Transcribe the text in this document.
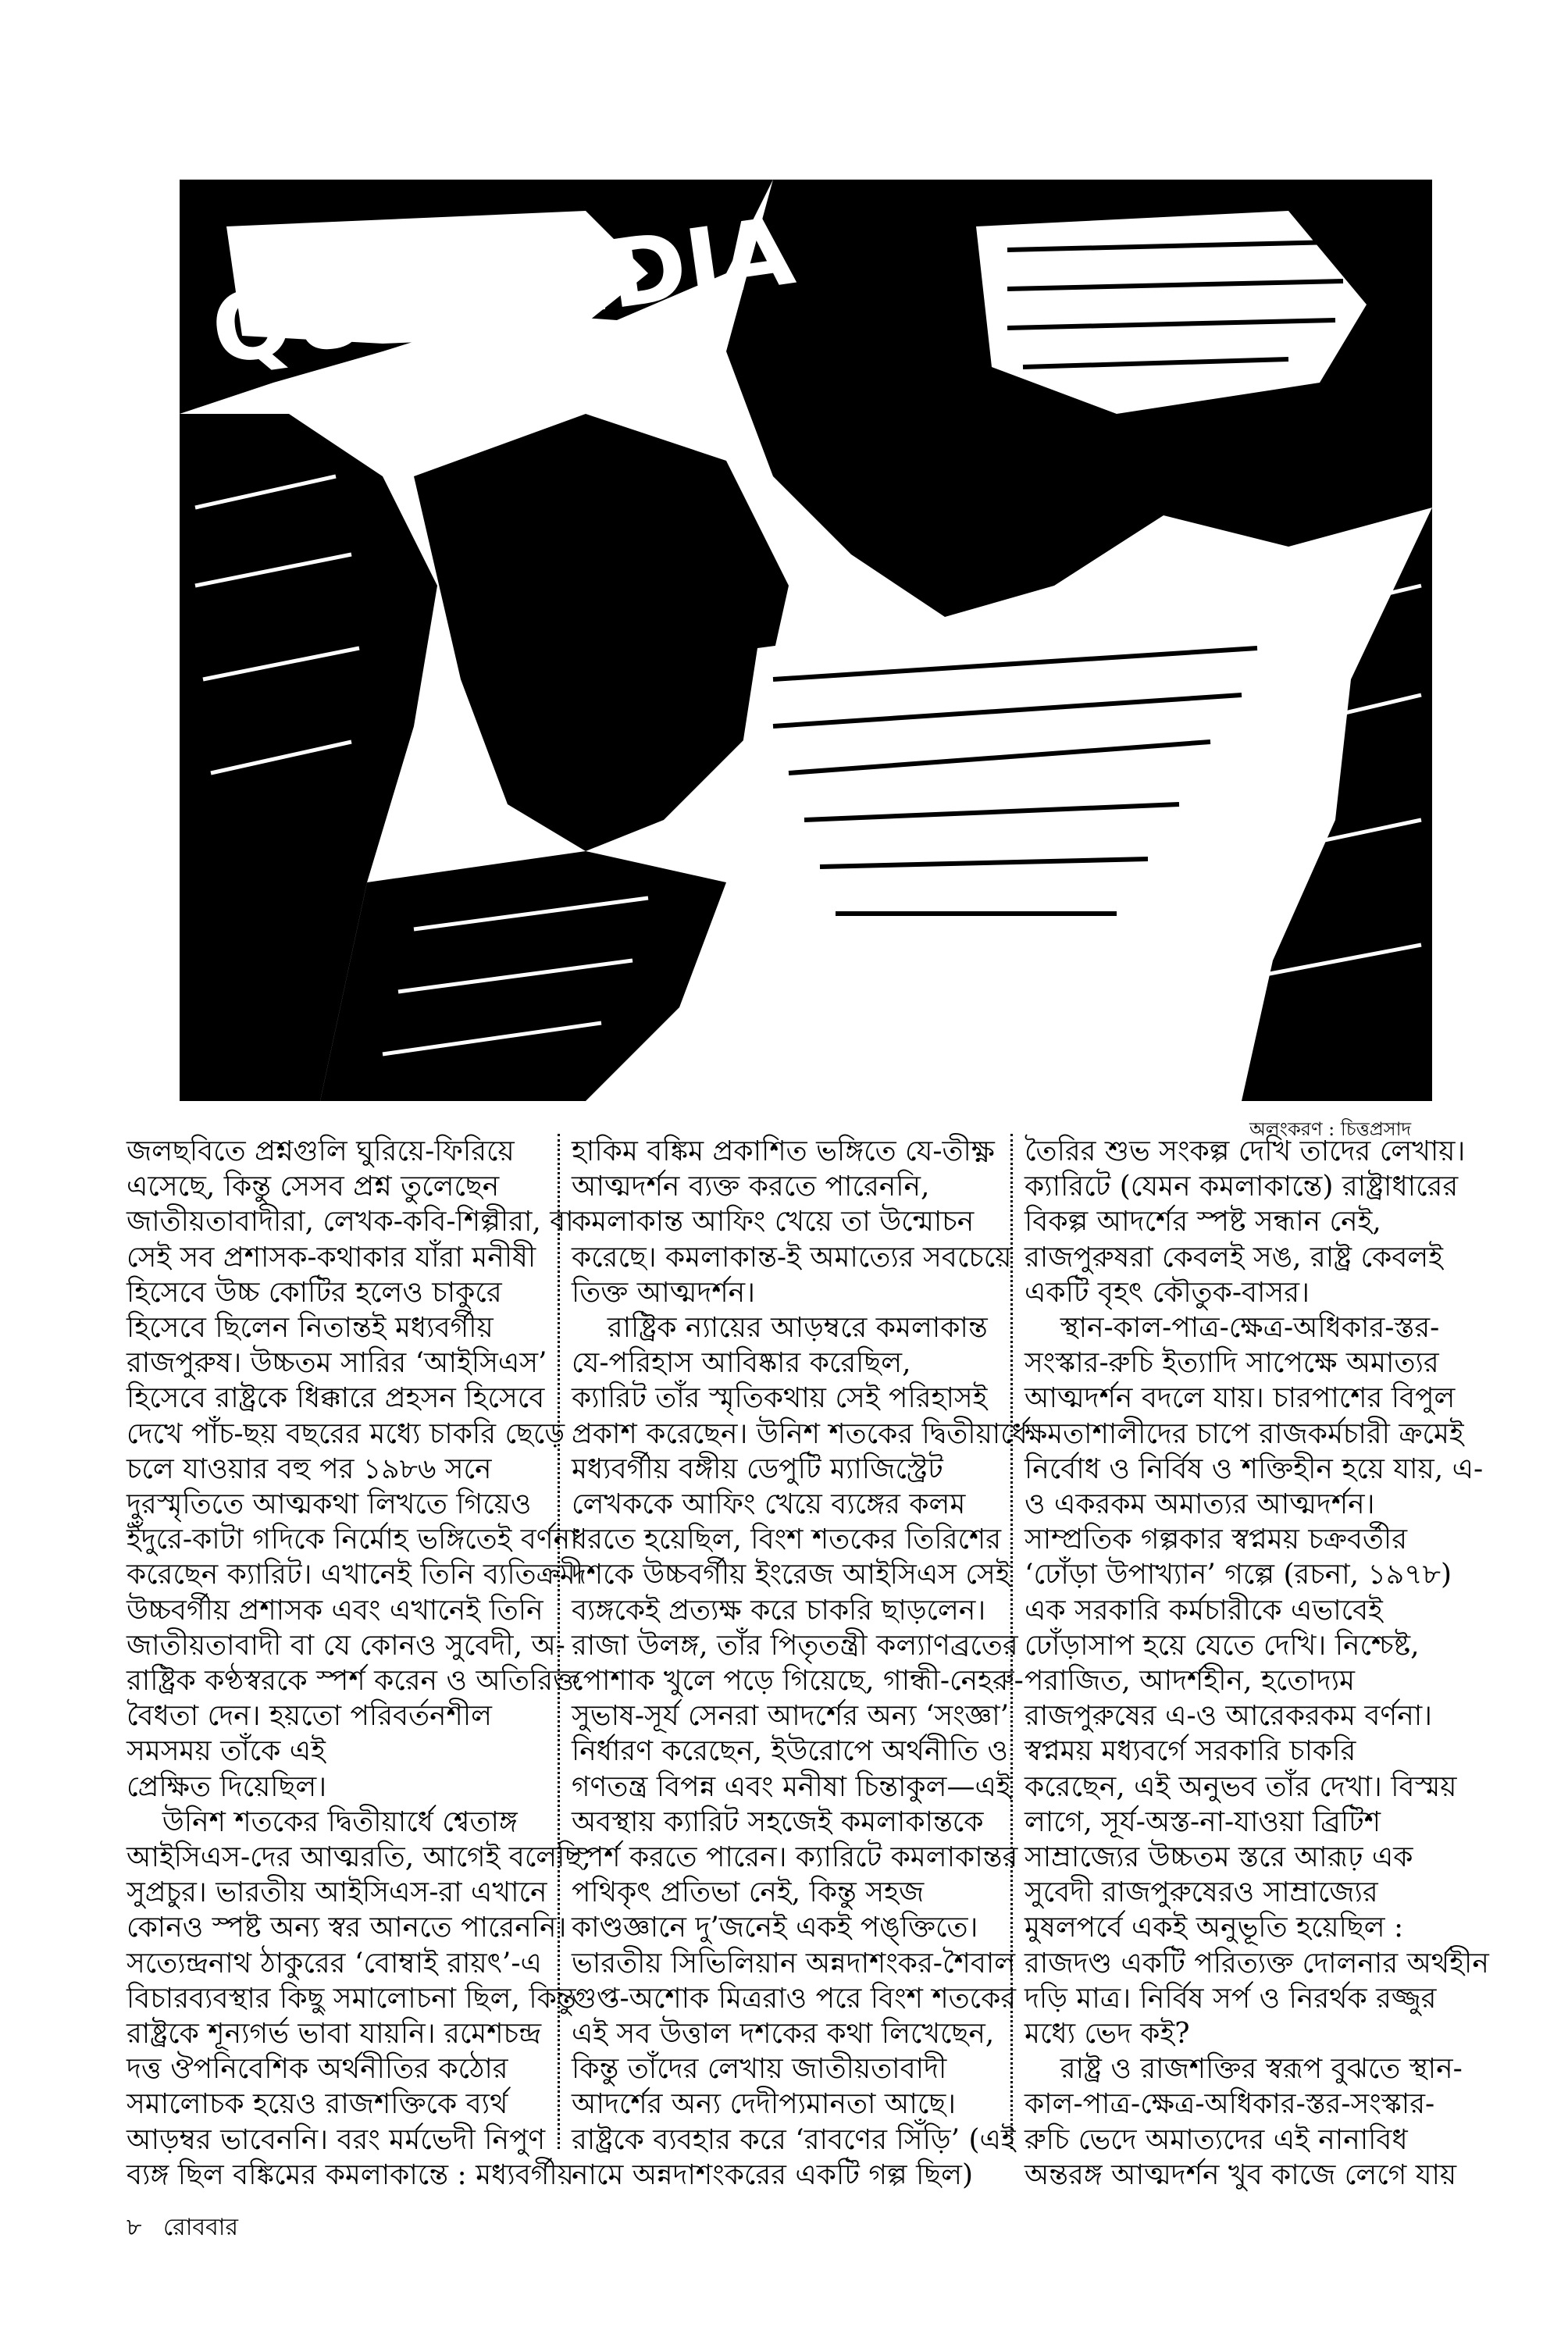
QUIT INDIA
অলংকরণ : চিত্তপ্রসাদ
জলছবিতে প্রশ্নগুলি ঘুরিয়ে-ফিরিয়ে
এসেছে, কিন্তু সেসব প্রশ্ন তুলেছেন
জাতীয়তাবাদীরা, লেখক-কবি-শিল্পীরা, বা
সেই সব প্রশাসক-কথাকার যাঁরা মনীষী
হিসেবে উচ্চ কোটির হলেও চাকুরে
হিসেবে ছিলেন নিতান্তই মধ্যবর্গীয়
রাজপুরুষ। উচ্চতম সারির ‘আইসিএস’
হিসেবে রাষ্ট্রকে ধিক্কারে প্রহসন হিসেবে
দেখে পাঁচ-ছয় বছরের মধ্যে চাকরি ছেড়ে
চলে যাওয়ার বহু পর ১৯৮৬ সনে
দুরস্মৃতিতে আত্মকথা লিখতে গিয়েও
ইঁদুরে-কাটা গদিকে নির্মোহ ভঙ্গিতেই বর্ণনা
করেছেন ক্যারিট। এখানেই তিনি ব্যতিক্রমী
উচ্চবর্গীয় প্রশাসক এবং এখানেই তিনি
জাতীয়তাবাদী বা যে কোনও সুবেদী, অ-
রাষ্ট্রিক কণ্ঠস্বরকে স্পর্শ করেন ও অতিরিক্ত
বৈধতা দেন। হয়তো পরিবর্তনশীল
সমসময় তাঁকে এই
প্রেক্ষিত দিয়েছিল।
উনিশ শতকের দ্বিতীয়ার্ধে শ্বেতাঙ্গ
আইসিএস-দের আত্মরতি, আগেই বলেছি,
সুপ্রচুর। ভারতীয় আইসিএস-রা এখানে
কোনও স্পষ্ট অন্য স্বর আনতে পারেননি।
সত্যেন্দ্রনাথ ঠাকুরের ‘বোম্বাই রায়ৎ’-এ
বিচারব্যবস্থার কিছু সমালোচনা ছিল, কিন্তু
রাষ্ট্রকে শূন্যগর্ভ ভাবা যায়নি। রমেশচন্দ্র
দত্ত ঔপনিবেশিক অর্থনীতির কঠোর
সমালোচক হয়েও রাজশক্তিকে ব্যর্থ
আড়ম্বর ভাবেননি। বরং মর্মভেদী নিপুণ
ব্যঙ্গ ছিল বঙ্কিমের কমলাকান্তে : মধ্যবর্গীয়
হাকিম বঙ্কিম প্রকাশিত ভঙ্গিতে যে-তীক্ষ্ণ
আত্মদর্শন ব্যক্ত করতে পারেননি,
কমলাকান্ত আফিং খেয়ে তা উন্মোচন
করেছে। কমলাকান্ত-ই অমাত্যের সবচেয়ে
তিক্ত আত্মদর্শন।
রাষ্ট্রিক ন্যায়ের আড়ম্বরে কমলাকান্ত
যে-পরিহাস আবিষ্কার করেছিল,
ক্যারিট তাঁর স্মৃতিকথায় সেই পরিহাসই
প্রকাশ করেছেন। উনিশ শতকের দ্বিতীয়ার্ধে
মধ্যবর্গীয় বঙ্গীয় ডেপুটি ম্যাজিস্ট্রেট
লেখককে আফিং খেয়ে ব্যঙ্গের কলম
ধরতে হয়েছিল, বিংশ শতকের তিরিশের
দশকে উচ্চবর্গীয় ইংরেজ আইসিএস সেই
ব্যঙ্গকেই প্রত্যক্ষ করে চাকরি ছাড়লেন।
রাজা উলঙ্গ, তাঁর পিতৃতন্ত্রী কল্যাণব্রতের
পোশাক খুলে পড়ে গিয়েছে, গান্ধী-নেহরু-
সুভাষ-সূর্য সেনরা আদর্শের অন্য ‘সংজ্ঞা’
নির্ধারণ করেছেন, ইউরোপে অর্থনীতি ও
গণতন্ত্র বিপন্ন এবং মনীষা চিন্তাকুল—এই
অবস্থায় ক্যারিট সহজেই কমলাকান্তকে
স্পর্শ করতে পারেন। ক্যারিটে কমলাকান্তর
পথিকৃৎ প্রতিভা নেই, কিন্তু সহজ
কাণ্ডজ্ঞানে দু’জনেই একই পঙ্‌ক্তিতে।
ভারতীয় সিভিলিয়ান অন্নদাশংকর-শৈবাল
গুপ্ত-অশোক মিত্ররাও পরে বিংশ শতকের
এই সব উত্তাল দশকের কথা লিখেছেন,
কিন্তু তাঁদের লেখায় জাতীয়তাবাদী
আদর্শের অন্য দেদীপ্যমানতা আছে।
রাষ্ট্রকে ব্যবহার করে ‘রাবণের সিঁড়ি’ (এই
নামে অন্নদাশংকরের একটি গল্প ছিল)
তৈরির শুভ সংকল্প দেখি তাদের লেখায়।
ক্যারিটে (যেমন কমলাকান্তে) রাষ্ট্রাধারের
বিকল্প আদর্শের স্পষ্ট সন্ধান নেই,
রাজপুরুষরা কেবলই সঙ, রাষ্ট্র কেবলই
একটি বৃহৎ কৌতুক-বাসর।
স্থান-কাল-পাত্র-ক্ষেত্র-অধিকার-স্তর-
সংস্কার-রুচি ইত্যাদি সাপেক্ষে অমাত্যর
আত্মদর্শন বদলে যায়। চারপাশের বিপুল
ক্ষমতাশালীদের চাপে রাজকর্মচারী ক্রমেই
নির্বোধ ও নির্বিষ ও শক্তিহীন হয়ে যায়, এ-
ও একরকম অমাত্যর আত্মদর্শন।
সাম্প্রতিক গল্পকার স্বপ্নময় চক্রবর্তীর
‘ঢোঁড়া উপাখ্যান’ গল্পে (রচনা, ১৯৭৮)
এক সরকারি কর্মচারীকে এভাবেই
ঢোঁড়াসাপ হয়ে যেতে দেখি। নিশ্চেষ্ট,
পরাজিত, আদর্শহীন, হতোদ্যম
রাজপুরুষের এ-ও আরেকরকম বর্ণনা।
স্বপ্নময় মধ্যবর্গে সরকারি চাকরি
করেছেন, এই অনুভব তাঁর দেখা। বিস্ময়
লাগে, সূর্য-অস্ত-না-যাওয়া ব্রিটিশ
সাম্রাজ্যের উচ্চতম স্তরে আরূঢ় এক
সুবেদী রাজপুরুষেরও সাম্রাজ্যের
মুষলপর্বে একই অনুভূতি হয়েছিল :
রাজদণ্ড একটি পরিত্যক্ত দোলনার অর্থহীন
দড়ি মাত্র। নির্বিষ সর্প ও নিরর্থক রজ্জুর
মধ্যে ভেদ কই?
রাষ্ট্র ও রাজশক্তির স্বরূপ বুঝতে স্থান-
কাল-পাত্র-ক্ষেত্র-অধিকার-স্তর-সংস্কার-
রুচি ভেদে অমাত্যদের এই নানাবিধ
অন্তরঙ্গ আত্মদর্শন খুব কাজে লেগে যায়
৮ রোববার
